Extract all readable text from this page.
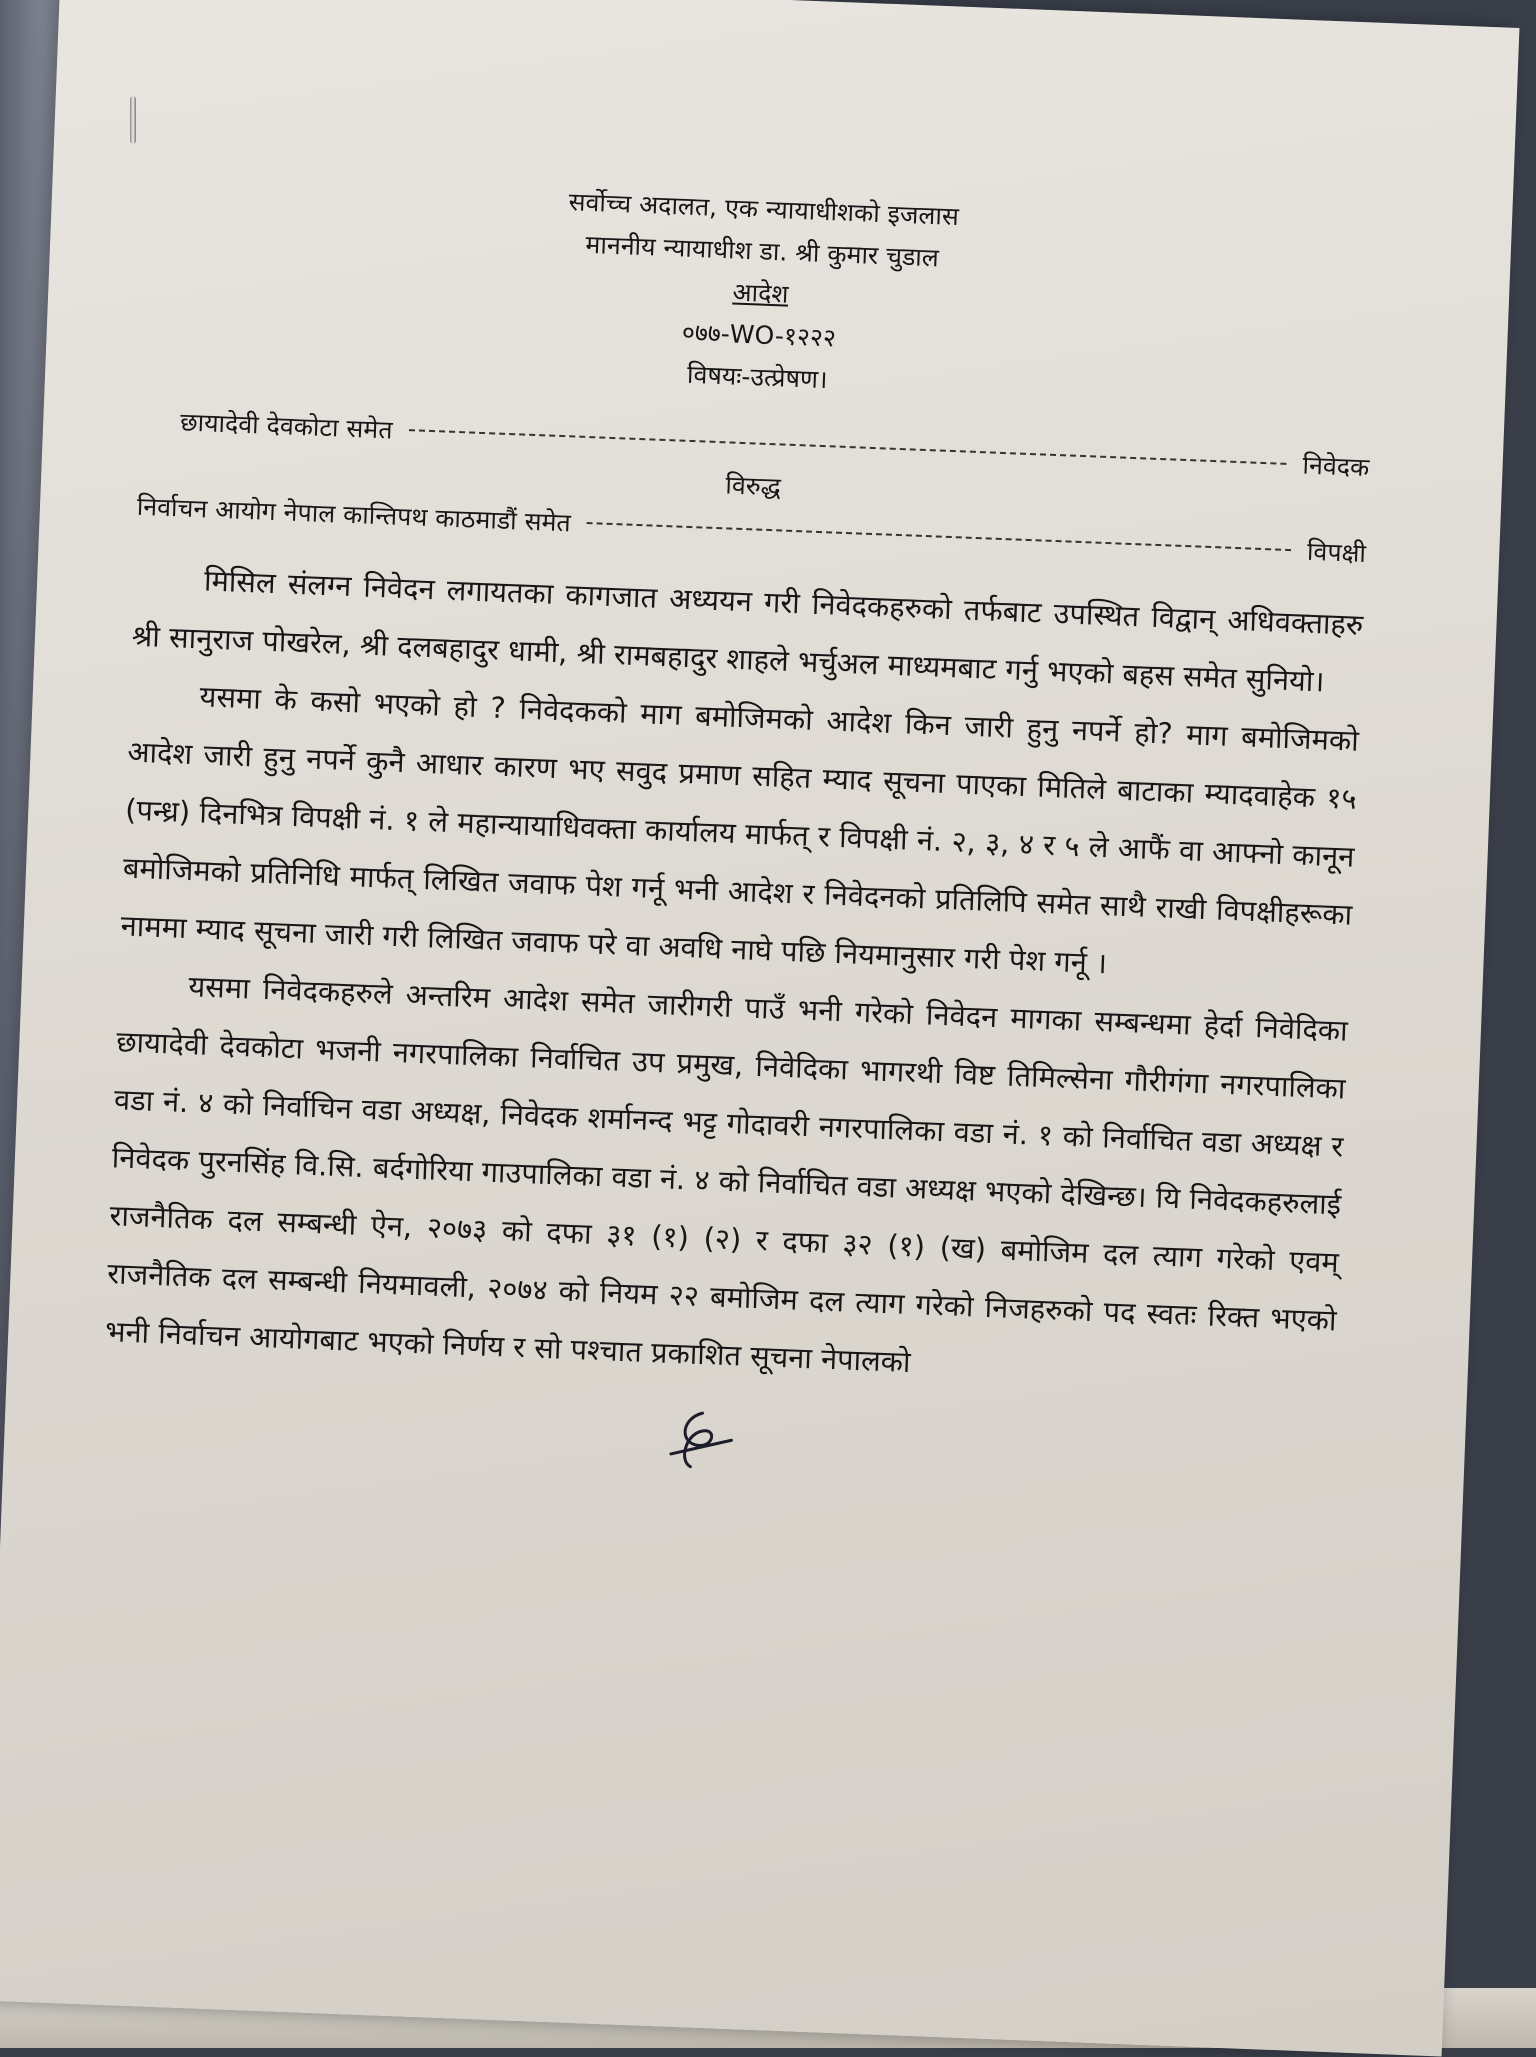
सर्वोच्च अदालत, एक न्यायाधीशको इजलास
माननीय न्यायाधीश डा. श्री कुमार चुडाल
आदेश
०७७-WO-१२२२
विषयः-उत्प्रेषण।
छायादेवी देवकोटा समेत
निवेदक
विरुद्ध
निर्वाचन आयोग नेपाल कान्तिपथ काठमाडौं समेत
विपक्षी

मिसिल संलग्न निवेदन लगायतका कागजात अध्ययन गरी निवेदकहरुको तर्फबाट उपस्थित विद्वान् अधिवक्ताहरु श्री सानुराज पोखरेल, श्री दलबहादुर धामी, श्री रामबहादुर शाहले भर्चुअल माध्यमबाट गर्नु भएको बहस समेत सुनियो।

यसमा के कसो भएको हो ? निवेदकको माग बमोजिमको आदेश किन जारी हुनु नपर्ने हो? माग बमोजिमको आदेश जारी हुनु नपर्ने कुनै आधार कारण भए सवुद प्रमाण सहित म्याद सूचना पाएका मितिले बाटाका म्यादवाहेक १५ (पन्ध्र) दिनभित्र विपक्षी नं. १ ले महान्यायाधिवक्ता कार्यालय मार्फत् र विपक्षी नं. २, ३, ४ र ५ ले आफैं वा आफ्नो कानून बमोजिमको प्रतिनिधि मार्फत् लिखित जवाफ पेश गर्नू भनी आदेश र निवेदनको प्रतिलिपि समेत साथै राखी विपक्षीहरूका नाममा म्याद सूचना जारी गरी लिखित जवाफ परे वा अवधि नाघे पछि नियमानुसार गरी पेश गर्नू ।

यसमा निवेदकहरुले अन्तरिम आदेश समेत जारीगरी पाउँ भनी गरेको निवेदन मागका सम्बन्धमा हेर्दा निवेदिका छायादेवी देवकोटा भजनी नगरपालिका निर्वाचित उप प्रमुख, निवेदिका भागरथी विष्ट तिमिल्सेना गौरीगंगा नगरपालिका वडा नं. ४ को निर्वाचिन वडा अध्यक्ष, निवेदक शर्मानन्द भट्ट गोदावरी नगरपालिका वडा नं. १ को निर्वाचित वडा अध्यक्ष र निवेदक पुरनसिंह वि.सि. बर्दगोरिया गाउपालिका वडा नं. ४ को निर्वाचित वडा अध्यक्ष भएको देखिन्छ। यि निवेदकहरुलाई राजनैतिक दल सम्बन्धी ऐन, २०७३ को दफा ३१ (१) (२) र दफा ३२ (१) (ख) बमोजिम दल त्याग गरेको एवम् राजनैतिक दल सम्बन्धी नियमावली, २०७४ को नियम २२ बमोजिम दल त्याग गरेको निजहरुको पद स्वतः रिक्त भएको भनी निर्वाचन आयोगबाट भएको निर्णय र सो पश्चात प्रकाशित सूचना नेपालको
